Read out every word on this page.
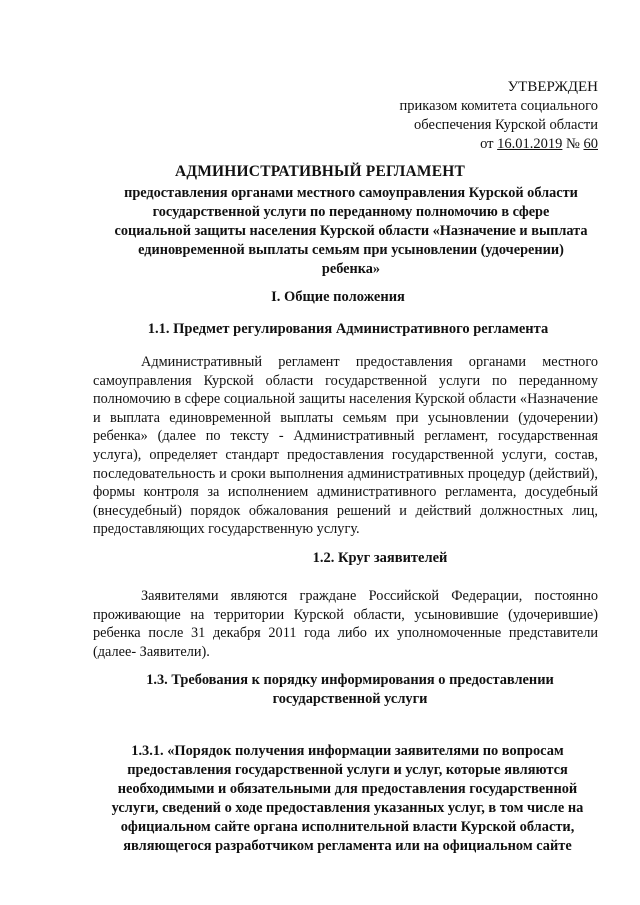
УТВЕРЖДЕН
приказом комитета социального
обеспечения Курской области
от 16.01.2019 № 60
АДМИНИСТРАТИВНЫЙ РЕГЛАМЕНТ
предоставления органами местного самоуправления Курской области
государственной услуги по переданному полномочию в сфере
социальной защиты населения Курской области «Назначение и выплата
единовременной выплаты семьям при усыновлении (удочерении)
ребенка»
I. Общие положения
1.1. Предмет регулирования Административного регламента
Административный регламент предоставления органами местного самоуправления Курской области государственной услуги по переданному полномочию в сфере социальной защиты населения Курской области «Назначение и выплата единовременной выплаты семьям при усыновлении (удочерении) ребенка» (далее по тексту - Административный регламент, государственная услуга), определяет стандарт предоставления государственной услуги, состав, последовательность и сроки выполнения административных процедур (действий), формы контроля за исполнением административного регламента, досудебный (внесудебный) порядок обжалования решений и действий должностных лиц, предоставляющих государственную услугу.
1.2. Круг заявителей
Заявителями являются граждане Российской Федерации, постоянно проживающие на территории Курской области, усыновившие (удочерившие) ребенка после 31 декабря 2011 года либо их уполномоченные представители (далее- Заявители).
1.3. Требования к порядку информирования о предоставлении
государственной услуги
1.3.1. «Порядок получения информации заявителями по вопросам
предоставления государственной услуги и услуг, которые являются
необходимыми и обязательными для предоставления государственной
услуги, сведений о ходе предоставления указанных услуг, в том числе на
официальном сайте органа исполнительной власти Курской области,
являющегося разработчиком регламента или на официальном сайте
